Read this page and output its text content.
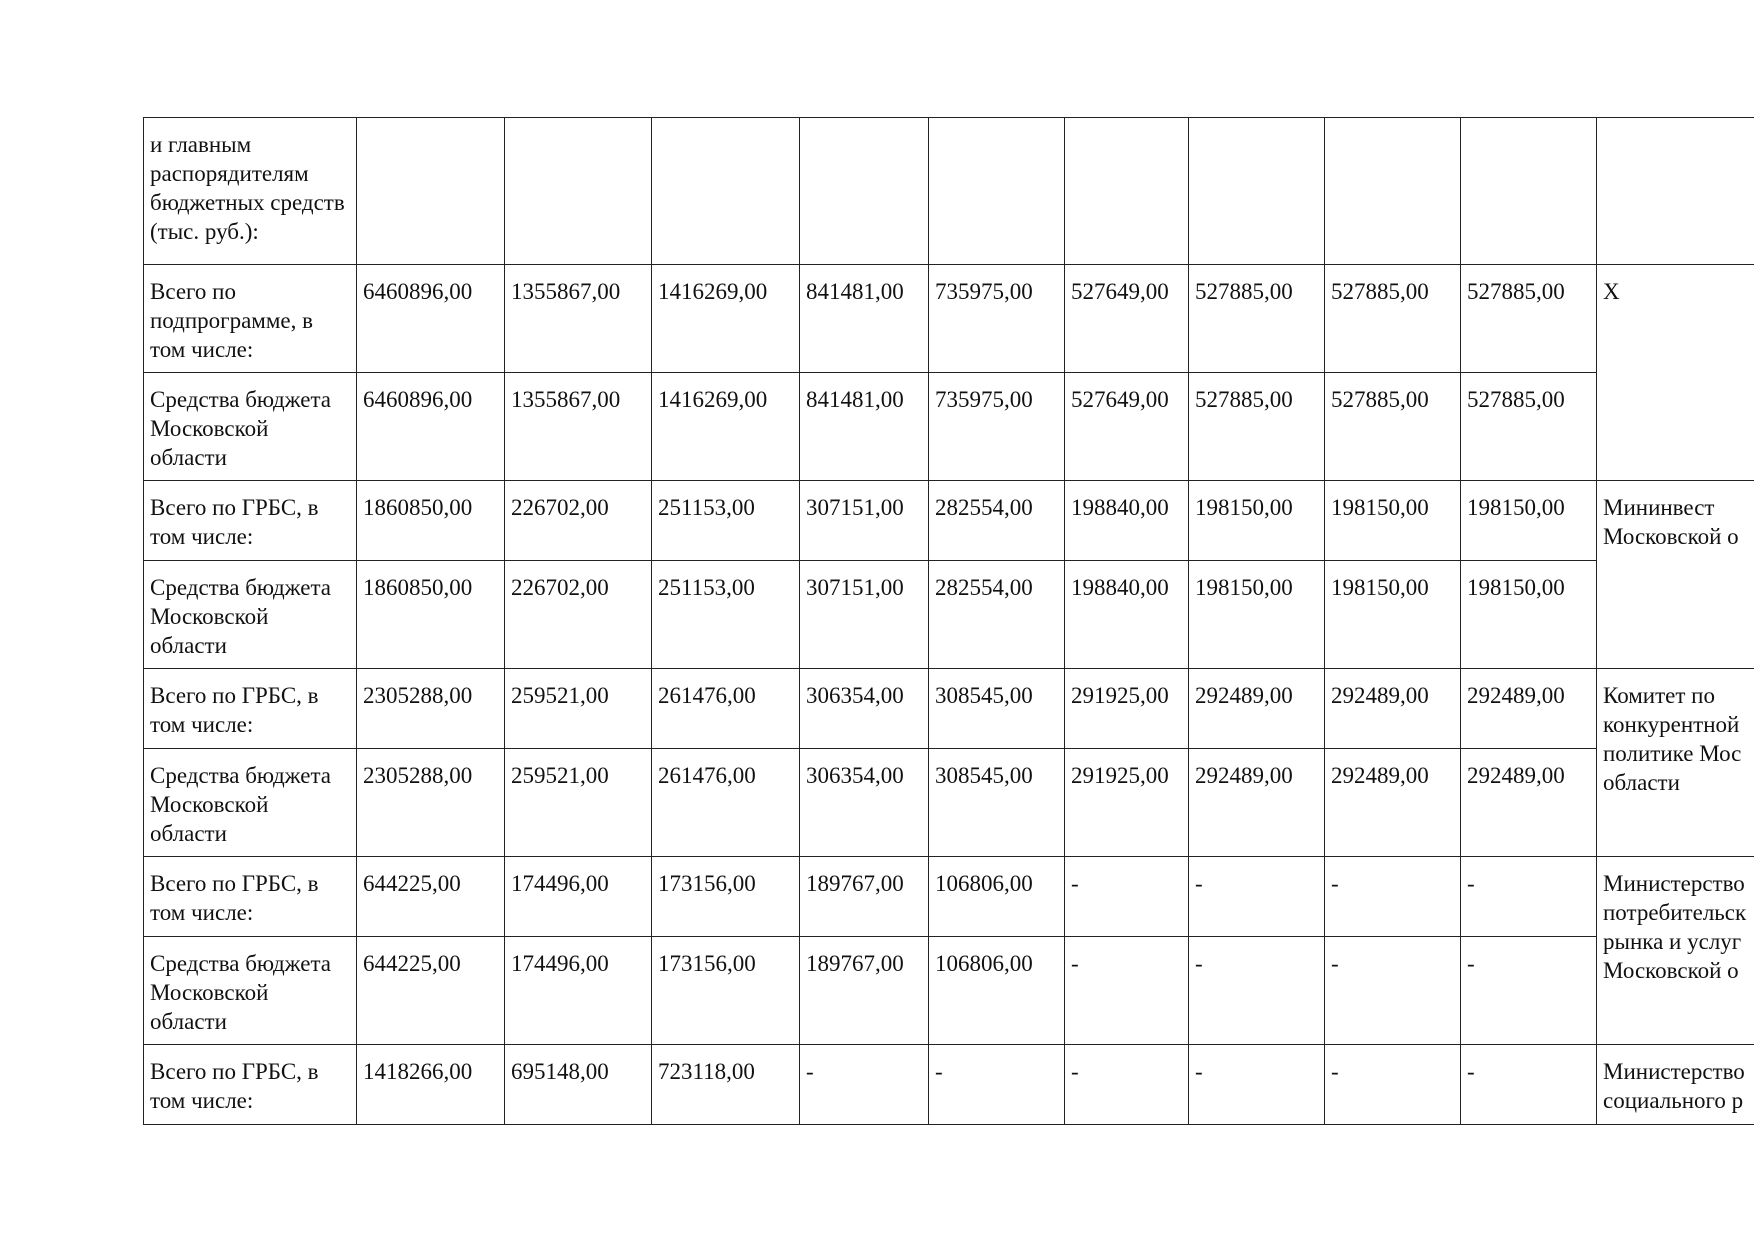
и главным распорядителям бюджетных средств (тыс. руб.):										
Всего по подпрограмме, в том числе:	6460896,00	1355867,00	1416269,00	841481,00	735975,00	527649,00	527885,00	527885,00	527885,00	Х

Средства бюджета Московской области	6460896,00	1355867,00	1416269,00	841481,00	735975,00	527649,00	527885,00	527885,00	527885,00	
Всего по ГРБС, в том числе:	1860850,00	226702,00	251153,00	307151,00	282554,00	198840,00	198150,00	198150,00	198150,00	Мининвест
Московской о

Средства бюджета Московской области	1860850,00	226702,00	251153,00	307151,00	282554,00	198840,00	198150,00	198150,00	198150,00	
Всего по ГРБС, в том числе:	2305288,00	259521,00	261476,00	306354,00	308545,00	291925,00	292489,00	292489,00	292489,00	Комитет по
конкурентной
политике Мос
области

Средства бюджета Московской области	2305288,00	259521,00	261476,00	306354,00	308545,00	291925,00	292489,00	292489,00	292489,00	
Всего по ГРБС, в том числе:	644225,00	174496,00	173156,00	189767,00	106806,00	-	-	-	-	Министерство
потребительск
рынка и услуг
Московской о

Средства бюджета Московской области	644225,00	174496,00	173156,00	189767,00	106806,00	-	-	-	-	
Всего по ГРБС, в том числе:	1418266,00	695148,00	723118,00	-	-	-	-	-	-	Министерство
социального р
